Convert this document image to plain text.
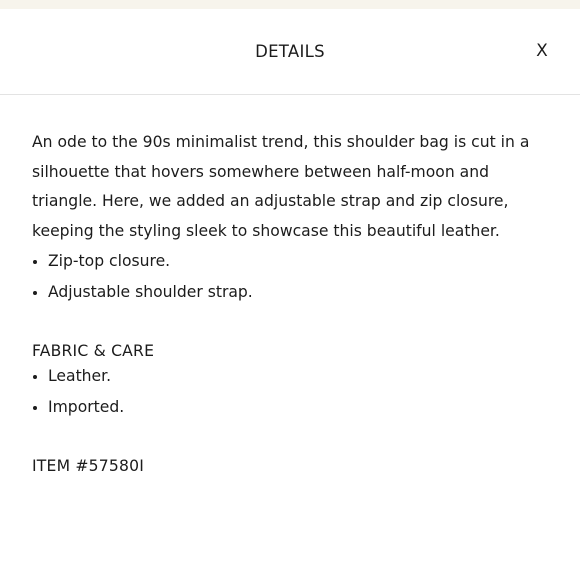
DETAILS	X

An ode to the 90s minimalist trend, this shoulder bag is cut in a silhouette that hovers somewhere between half-moon and triangle. Here, we added an adjustable strap and zip closure, keeping the styling sleek to showcase this beautiful leather.

Zip-top closure.
Adjustable shoulder strap.
FABRIC & CARE
Leather.
Imported.
ITEM #57580I
